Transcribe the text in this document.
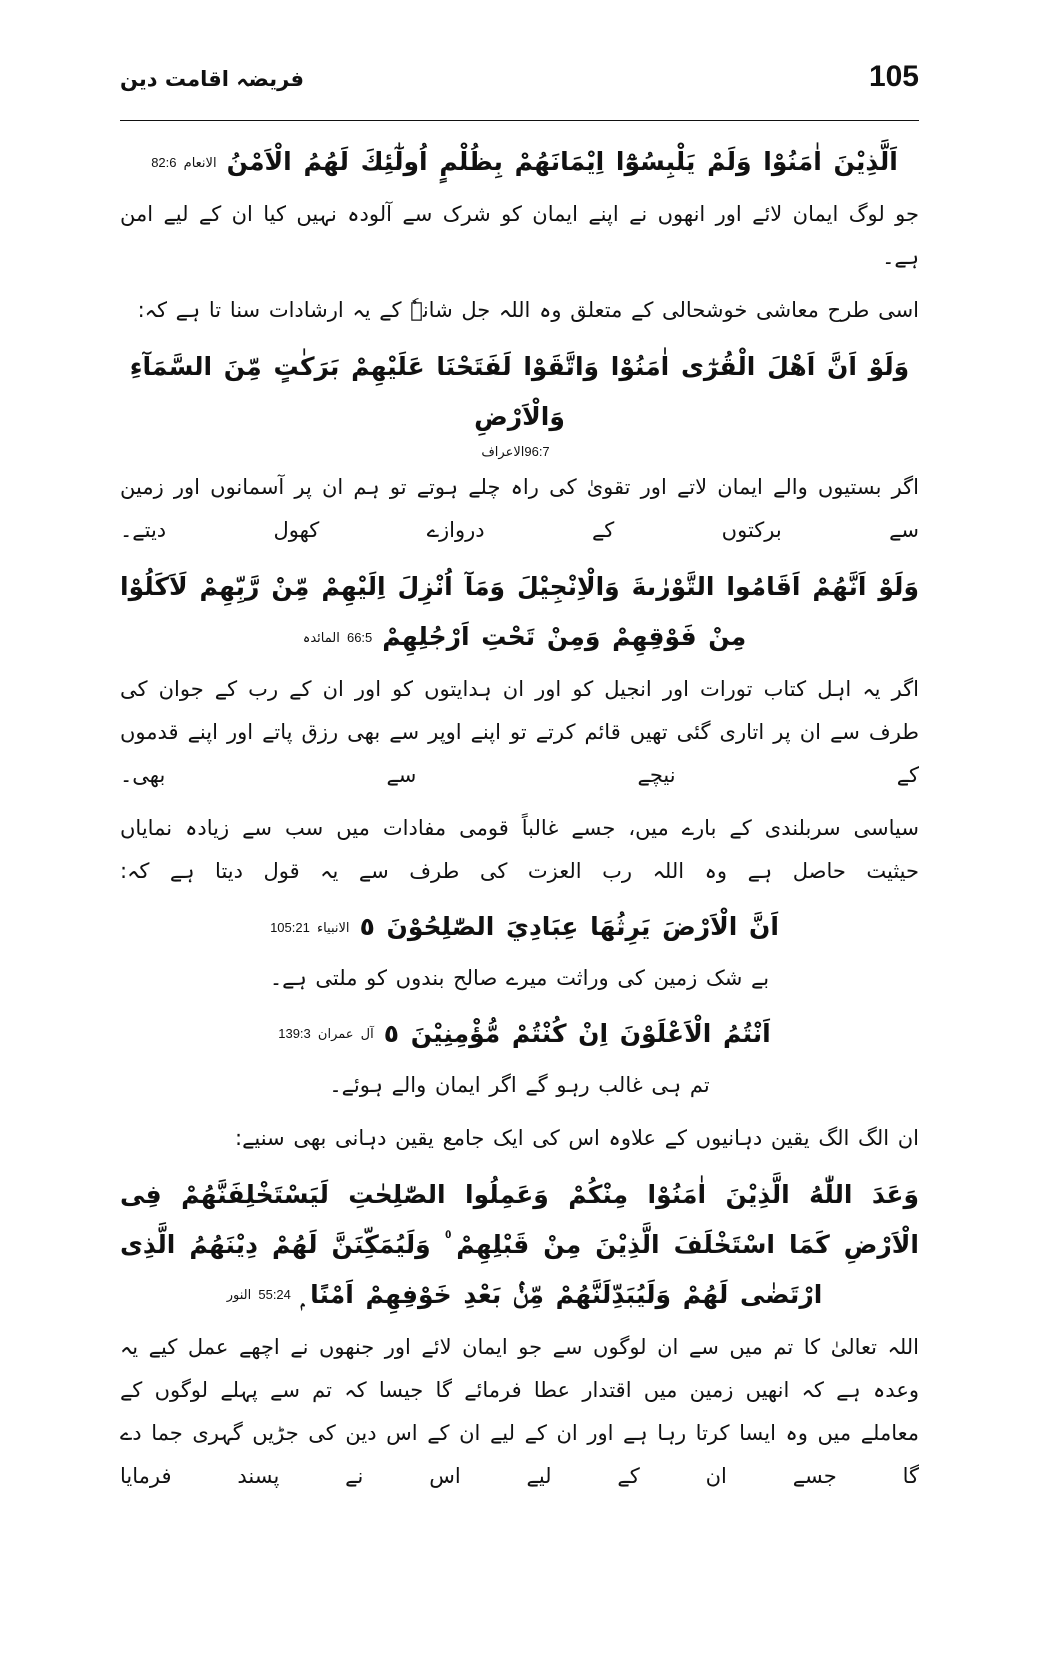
فریضہ اقامت دین	105
اَلَّذِيْنَ اٰمَنُوْا وَلَمْ يَلْبِسُوْٓا اِيْمَانَهُمْ بِظُلْمٍ اُولٰٓئِكَ لَهُمُ الْاَمْنُالانعام 82:6
جو لوگ ایمان لائے اور انھوں نے اپنے ایمان کو شرک سے آلودہ نہیں کیا ان کے لیے امن ہے۔
اسی طرح معاشی خوشحالی کے متعلق وہ اللہ جل شانہٗ کے یہ ارشادات سنا تا ہے کہ:
وَلَوْ اَنَّ اَهْلَ الْقُرٰٓى اٰمَنُوْا وَاتَّقَوْا لَفَتَحْنَا عَلَيْهِمْ بَرَكٰتٍ مِّنَ السَّمَآءِ وَالْاَرْضِ
96:7الاعراف
اگر بستیوں والے ایمان لاتے اور تقویٰ کی راہ چلے ہوتے تو ہم ان پر آسمانوں اور زمین سے برکتوں کے دروازے کھول دیتے۔
وَلَوْ اَنَّهُمْ اَقَامُوا التَّوْرٰىةَ وَالْاِنْجِيْلَ وَمَآ اُنْزِلَ اِلَيْهِمْ مِّنْ رَّبِّهِمْ لَاَكَلُوْا مِنْ فَوْقِهِمْ وَمِنْ تَحْتِ اَرْجُلِهِمْ66:5 المائدہ
اگر یہ اہل کتاب تورات اور انجیل کو اور ان ہدایتوں کو اور ان کے رب کے جوان کی طرف سے ان پر اتاری گئی تھیں قائم کرتے تو اپنے اوپر سے بھی رزق پاتے اور اپنے قدموں کے نیچے سے بھی۔
سیاسی سربلندی کے بارے میں، جسے غالباً قومی مفادات میں سب سے زیادہ نمایاں حیثیت حاصل ہے وہ اللہ رب العزت کی طرف سے یہ قول دیتا ہے کہ:
اَنَّ الْاَرْضَ يَرِثُهَا عِبَادِيَ الصّٰلِحُوْنَ ٥الانبیاء 105:21
بے شک زمین کی وراثت میرے صالح بندوں کو ملتی ہے۔
اَنْتُمُ الْاَعْلَوْنَ اِنْ كُنْتُمْ مُّؤْمِنِيْنَ ٥آل عمران 139:3
تم ہی غالب رہو گے اگر ایمان والے ہوئے۔
ان الگ الگ یقین دہانیوں کے علاوہ اس کی ایک جامع یقین دہانی بھی سنیے:
وَعَدَ اللّٰهُ الَّذِيْنَ اٰمَنُوْا مِنْكُمْ وَعَمِلُوا الصّٰلِحٰتِ لَيَسْتَخْلِفَنَّهُمْ فِى الْاَرْضِ كَمَا اسْتَخْلَفَ الَّذِيْنَ مِنْ قَبْلِهِمْ ۠ وَلَيُمَكِّنَنَّ لَهُمْ دِيْنَهُمُ الَّذِى ارْتَضٰى لَهُمْ وَلَيُبَدِّلَنَّهُمْ مِّنْۢ بَعْدِ خَوْفِهِمْ اَمْنًا ۭ55:24 النور
اللہ تعالیٰ کا تم میں سے ان لوگوں سے جو ایمان لائے اور جنھوں نے اچھے عمل کیے یہ وعدہ ہے کہ انھیں زمین میں اقتدار عطا فرمائے گا جیسا کہ تم سے پہلے لوگوں کے معاملے میں وہ ایسا کرتا رہا ہے اور ان کے لیے ان کے اس دین کی جڑیں گہری جما دے گا جسے ان کے لیے اس نے پسند فرمایا
